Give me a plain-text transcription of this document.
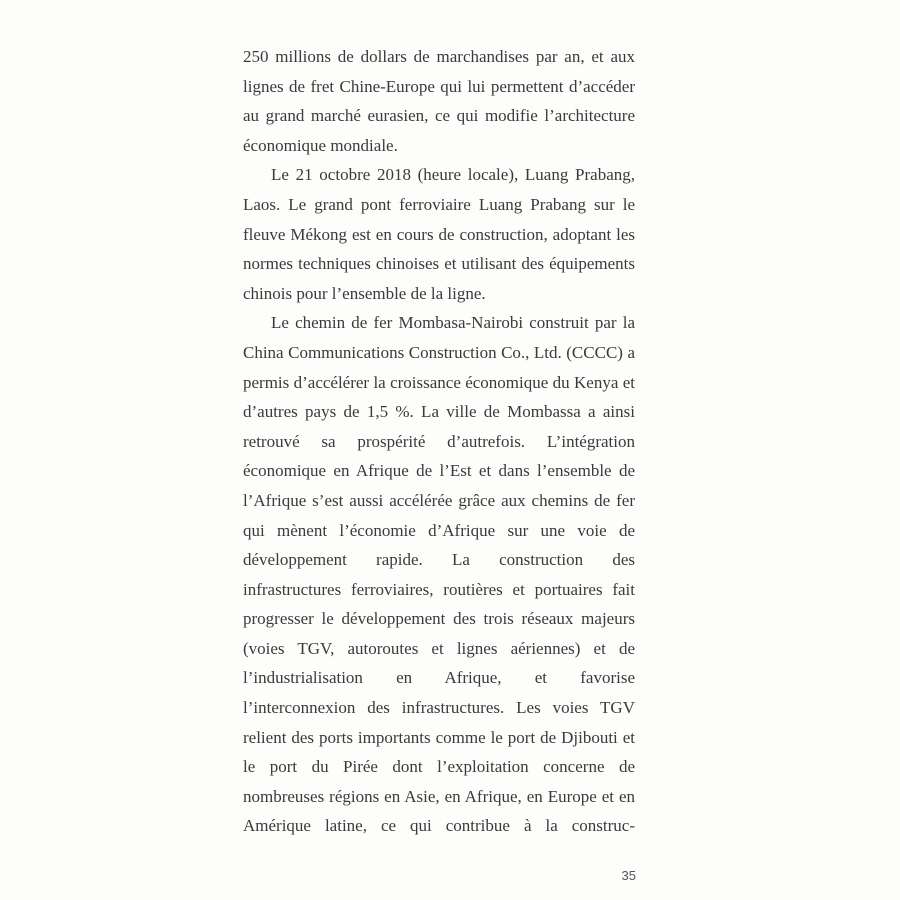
250 millions de dollars de marchandises par an, et aux lignes de fret Chine-Europe qui lui permettent d’accéder au grand marché eurasien, ce qui modifie l’architecture économique mondiale.

Le 21 octobre 2018 (heure locale), Luang Prabang, Laos. Le grand pont ferroviaire Luang Prabang sur le fleuve Mékong est en cours de construction, adoptant les normes techniques chinoises et utilisant des équipements chinois pour l’ensemble de la ligne.

Le chemin de fer Mombasa-Nairobi construit par la China Communications Construction Co., Ltd. (CCCC) a permis d’accélérer la croissance économique du Kenya et d’autres pays de 1,5 %. La ville de Mombassa a ainsi retrouvé sa prospérité d’autrefois. L’intégration économique en Afrique de l’Est et dans l’ensemble de l’Afrique s’est aussi accélérée grâce aux chemins de fer qui mènent l’économie d’Afrique sur une voie de développement rapide. La construction des infrastructures ferroviaires, routières et portuaires fait progresser le développement des trois réseaux majeurs (voies TGV, autoroutes et lignes aériennes) et de l’industrialisation en Afrique, et favorise l’interconnexion des infrastructures. Les voies TGV relient des ports importants comme le port de Djibouti et le port du Pirée dont l’exploitation concerne de nombreuses régions en Asie, en Afrique, en Europe et en Amérique latine, ce qui contribue à la construc-

35
